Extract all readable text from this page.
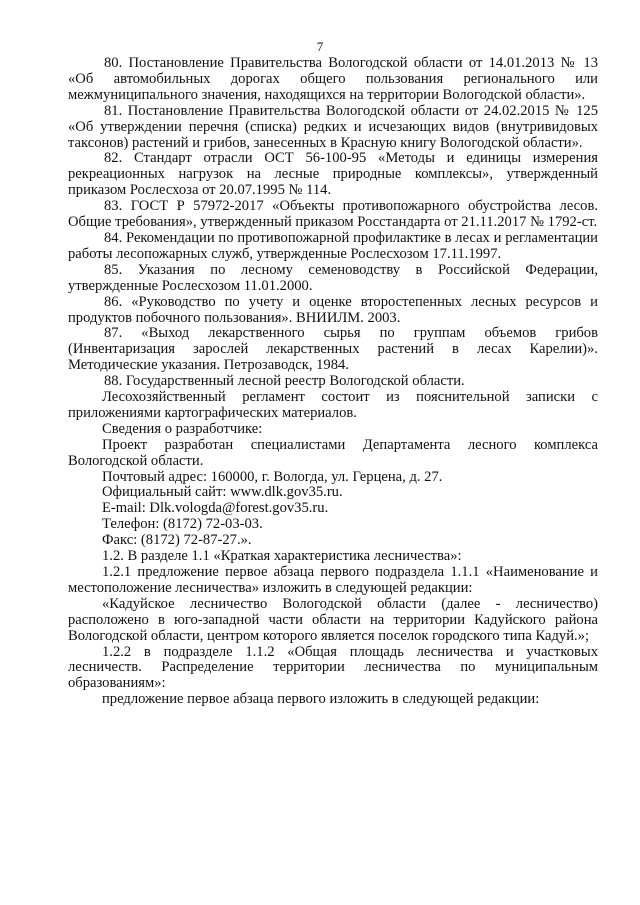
7

80. Постановление Правительства Вологодской области от 14.01.2013 № 13 «Об автомобильных дорогах общего пользования регионального или межмуниципального значения, находящихся на территории Вологодской области».

81. Постановление Правительства Вологодской области от 24.02.2015 № 125 «Об утверждении перечня (списка) редких и исчезающих видов (внутривидовых таксонов) растений и грибов, занесенных в Красную книгу Вологодской области».

82. Стандарт отрасли ОСТ 56-100-95 «Методы и единицы измерения рекреационных нагрузок на лесные природные комплексы», утвержденный приказом Рослесхоза от 20.07.1995 № 114.

83. ГОСТ Р 57972-2017 «Объекты противопожарного обустройства лесов. Общие требования», утвержденный приказом Росстандарта от 21.11.2017 № 1792-ст.

84. Рекомендации по противопожарной профилактике в лесах и регламентации работы лесопожарных служб, утвержденные Рослесхозом 17.11.1997.

85. Указания по лесному семеноводству в Российской Федерации, утвержденные Рослесхозом 11.01.2000.

86. «Руководство по учету и оценке второстепенных лесных ресурсов и продуктов побочного пользования». ВНИИЛМ. 2003.

87. «Выход лекарственного сырья по группам объемов грибов (Инвентаризация зарослей лекарственных растений в лесах Карелии)». Методические указания. Петрозаводск, 1984.

88. Государственный лесной реестр Вологодской области.

Лесохозяйственный регламент состоит из пояснительной записки с приложениями картографических материалов.

Сведения о разработчике:

Проект разработан специалистами Департамента лесного комплекса Вологодской области.

Почтовый адрес: 160000, г. Вологда, ул. Герцена, д. 27.

Официальный сайт: www.dlk.gov35.ru.

E-mail: Dlk.vologda@forest.gov35.ru.

Телефон: (8172) 72-03-03.

Факс: (8172) 72-87-27.».

1.2. В разделе 1.1 «Краткая характеристика лесничества»:

1.2.1 предложение первое абзаца первого подраздела 1.1.1 «Наименование и местоположение лесничества» изложить в следующей редакции:

«Кадуйское лесничество Вологодской области (далее - лесничество) расположено в юго-западной части области на территории Кадуйского района Вологодской области, центром которого является поселок городского типа Кадуй.»;

1.2.2 в подразделе 1.1.2 «Общая площадь лесничества и участковых лесничеств. Распределение территории лесничества по муниципальным образованиям»:

предложение первое абзаца первого изложить в следующей редакции:
